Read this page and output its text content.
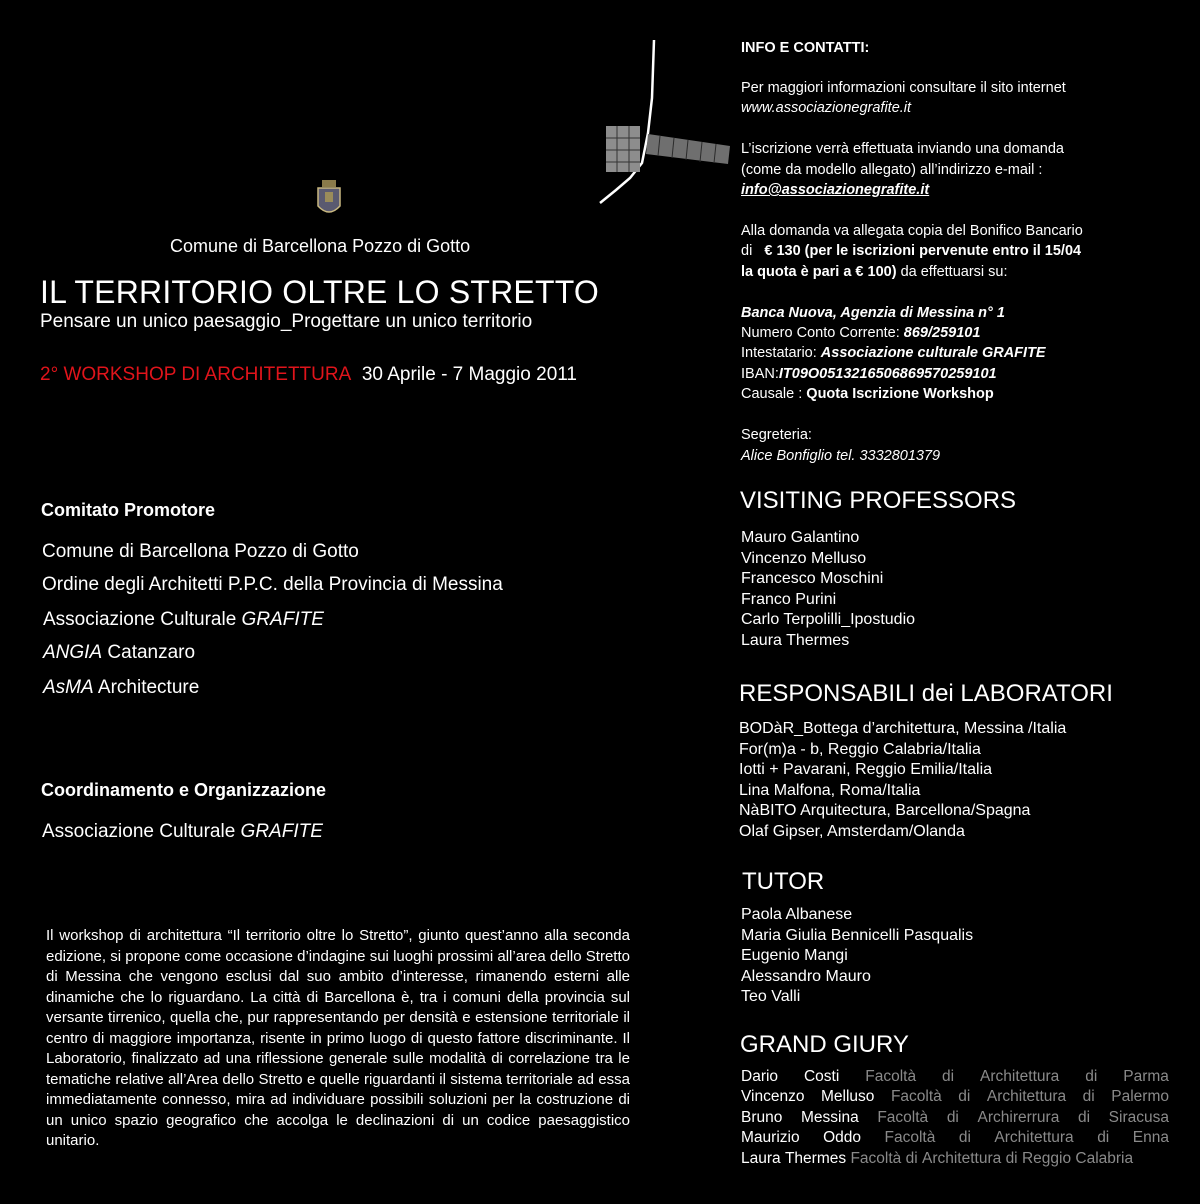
Comune di Barcellona Pozzo di Gotto
IL TERRITORIO OLTRE LO STRETTO
Pensare un unico paesaggio_Progettare un unico territorio
2° WORKSHOP DI ARCHITETTURA 30 Aprile - 7 Maggio 2011
Comitato Promotore
Comune di Barcellona Pozzo di Gotto
Ordine degli Architetti P.P.C. della Provincia di Messina
Associazione Culturale GRAFITE
ANGIA Catanzaro
AsMA Architecture
Coordinamento e Organizzazione
Associazione Culturale GRAFITE
Il workshop di architettura “Il territorio oltre lo Stretto”, giunto quest’anno alla seconda edizione, si propone come occasione d’indagine sui luoghi prossimi all’area dello Stretto di Messina che vengono esclusi dal suo ambito d’interesse, rimanendo esterni alle dinamiche che lo riguardano. La città di Barcellona è, tra i comuni della provincia sul versante tirrenico, quella che, pur rappresentando per densità e estensione territoriale il centro di maggiore importanza, risente in primo luogo di questo fattore discriminante. Il Laboratorio, finalizzato ad una riflessione generale sulle modalità di correlazione tra le tematiche relative all’Area dello Stretto e quelle riguardanti il sistema territoriale ad essa immediatamente connesso, mira ad individuare possibili soluzioni per la costruzione di un unico spazio geografico che accolga le declinazioni di un codice paesaggistico unitario.
INFO E CONTATTI:
Per maggiori informazioni consultare il sito internet
www.associazionegrafite.it
L’iscrizione verrà effettuata inviando una domanda
(come da modello allegato) all’indirizzo e-mail :
info@associazionegrafite.it
Alla domanda va allegata copia del Bonifico Bancario
di   € 130 (per le iscrizioni pervenute entro il 15/04
la quota è pari a € 100) da effettuarsi su:
Banca Nuova, Agenzia di Messina n° 1
Numero Conto Corrente: 869/259101
Intestatario: Associazione culturale GRAFITE
IBAN:IT09O0513216506869570259101
Causale : Quota Iscrizione Workshop
Segreteria:
Alice Bonfiglio tel. 3332801379
VISITING PROFESSORS
Mauro Galantino
Vincenzo Melluso
Francesco Moschini
Franco Purini
Carlo Terpolilli_Ipostudio
Laura Thermes
RESPONSABILI dei LABORATORI
BODàR_Bottega d’architettura, Messina /Italia
For(m)a - b, Reggio Calabria/Italia
Iotti + Pavarani, Reggio Emilia/Italia
Lina Malfona, Roma/Italia
NàBITO Arquitectura, Barcellona/Spagna
Olaf Gipser, Amsterdam/Olanda
TUTOR
Paola Albanese
Maria Giulia Bennicelli Pasqualis
Eugenio Mangi
Alessandro Mauro
Teo Valli
GRAND GIURY
Dario Costi Facoltà di Architettura di Parma
Vincenzo Melluso Facoltà di Architettura di Palermo
Bruno Messina Facoltà di Archirerrura di Siracusa
Maurizio Oddo Facoltà di Architettura di Enna
Laura
Thermes
Facoltà
di
Architettura
di
Reggio
Calabria
